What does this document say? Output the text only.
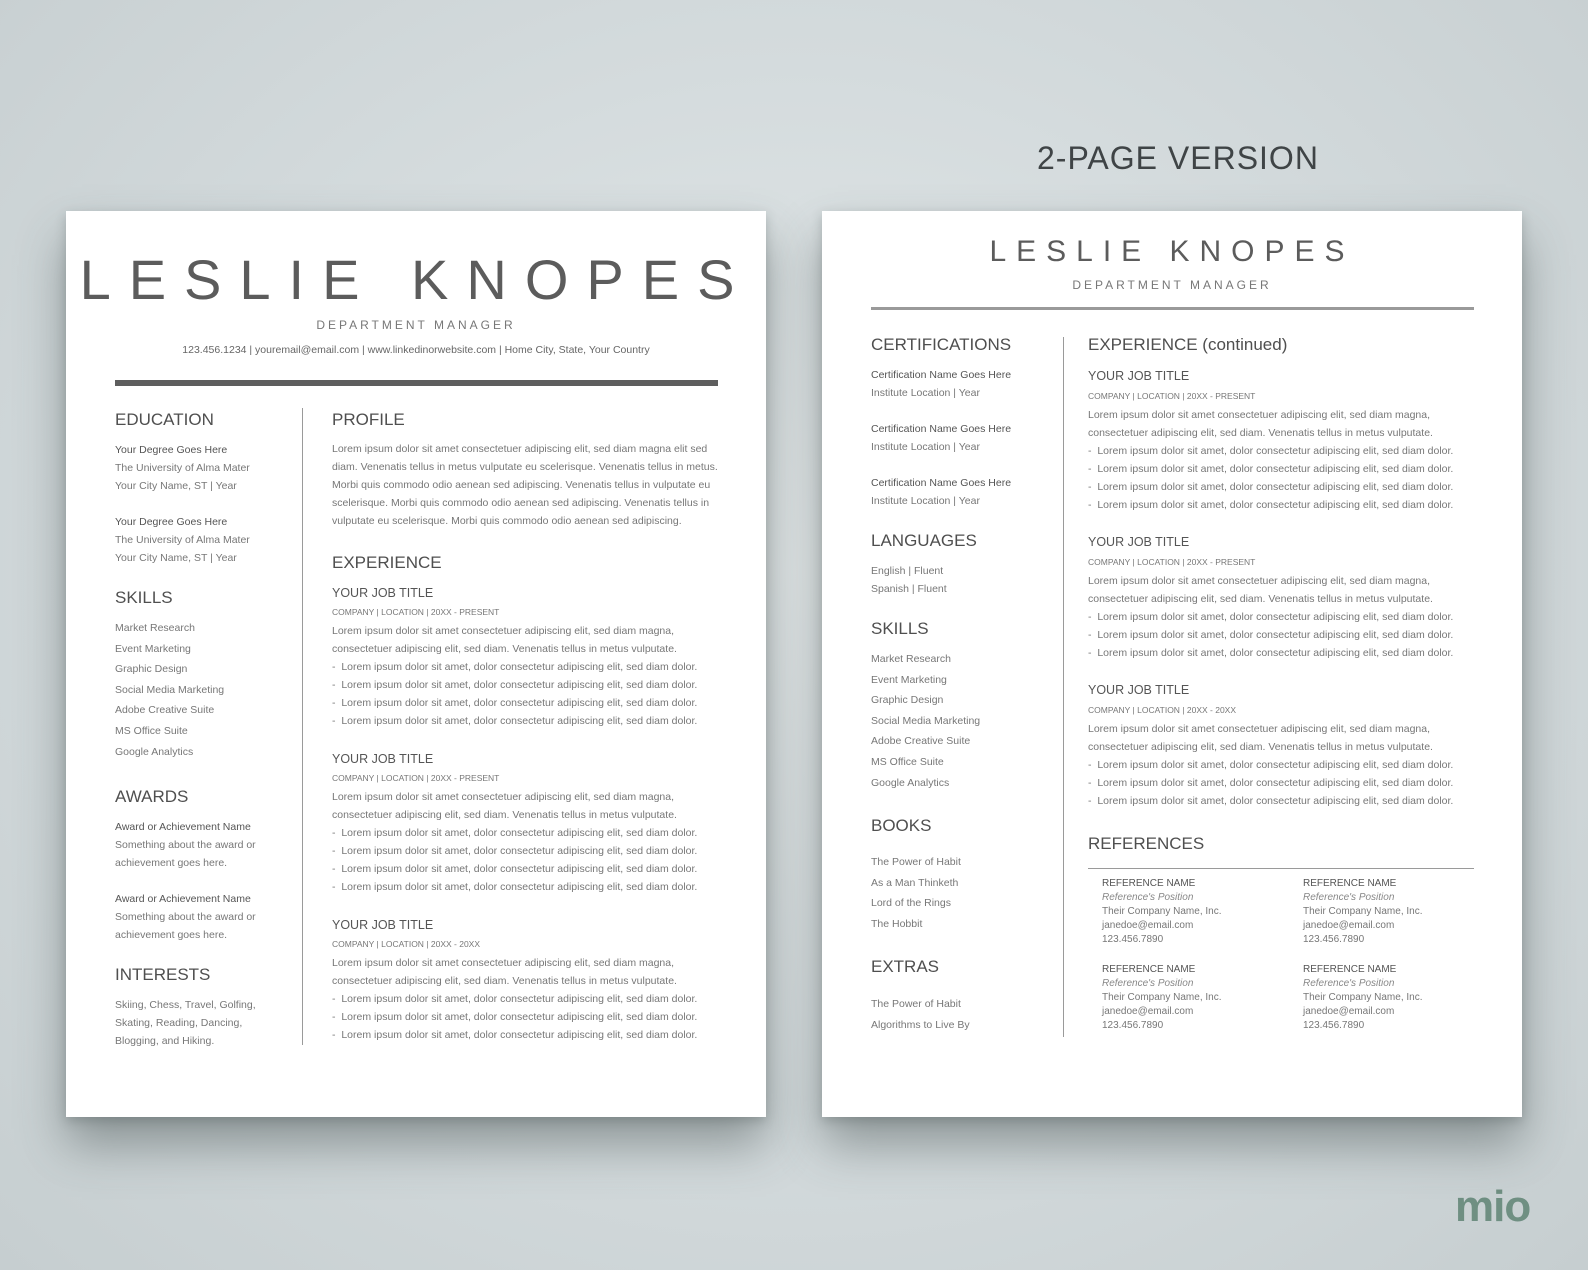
2-PAGE VERSION
mio
LESLIE KNOPES
DEPARTMENT MANAGER
123.456.1234 | youremail@email.com | www.linkedinorwebsite.com | Home City, State, Your Country
EDUCATION
Your Degree Goes Here
The University of Alma Mater
Your City Name, ST | Year
Your Degree Goes Here
The University of Alma Mater
Your City Name, ST | Year
SKILLS
Market Research
Event Marketing
Graphic Design
Social Media Marketing
Adobe Creative Suite
MS Office Suite
Google Analytics
AWARDS
Award or Achievement Name
Something about the award or
achievement goes here.
Award or Achievement Name
Something about the award or
achievement goes here.
INTERESTS
Skiing, Chess, Travel, Golfing,
Skating, Reading, Dancing,
Blogging, and Hiking.
PROFILE
Lorem ipsum dolor sit amet consectetuer adipiscing elit, sed diam magna elit sed diam. Venenatis tellus in metus vulputate eu scelerisque. Venenatis tellus in metus. Morbi quis commodo odio aenean sed adipiscing. Venenatis tellus in vulputate eu scelerisque. Morbi quis commodo odio aenean sed adipiscing. Venenatis tellus in vulputate eu scelerisque. Morbi quis commodo odio aenean sed adipiscing.
EXPERIENCE
YOUR JOB TITLE
COMPANY | LOCATION | 20XX - PRESENT
Lorem ipsum dolor sit amet consectetuer adipiscing elit, sed diam magna,
consectetuer adipiscing elit, sed diam. Venenatis tellus in metus vulputate.
-  Lorem ipsum dolor sit amet, dolor consectetur adipiscing elit, sed diam dolor.
-  Lorem ipsum dolor sit amet, dolor consectetur adipiscing elit, sed diam dolor.
-  Lorem ipsum dolor sit amet, dolor consectetur adipiscing elit, sed diam dolor.
-  Lorem ipsum dolor sit amet, dolor consectetur adipiscing elit, sed diam dolor.
YOUR JOB TITLE
COMPANY | LOCATION | 20XX - PRESENT
Lorem ipsum dolor sit amet consectetuer adipiscing elit, sed diam magna,
consectetuer adipiscing elit, sed diam. Venenatis tellus in metus vulputate.
-  Lorem ipsum dolor sit amet, dolor consectetur adipiscing elit, sed diam dolor.
-  Lorem ipsum dolor sit amet, dolor consectetur adipiscing elit, sed diam dolor.
-  Lorem ipsum dolor sit amet, dolor consectetur adipiscing elit, sed diam dolor.
-  Lorem ipsum dolor sit amet, dolor consectetur adipiscing elit, sed diam dolor.
YOUR JOB TITLE
COMPANY | LOCATION | 20XX - 20XX
Lorem ipsum dolor sit amet consectetuer adipiscing elit, sed diam magna,
consectetuer adipiscing elit, sed diam. Venenatis tellus in metus vulputate.
-  Lorem ipsum dolor sit amet, dolor consectetur adipiscing elit, sed diam dolor.
-  Lorem ipsum dolor sit amet, dolor consectetur adipiscing elit, sed diam dolor.
-  Lorem ipsum dolor sit amet, dolor consectetur adipiscing elit, sed diam dolor.
LESLIE KNOPES
DEPARTMENT MANAGER
CERTIFICATIONS
Certification Name Goes Here
Institute Location | Year
Certification Name Goes Here
Institute Location | Year
Certification Name Goes Here
Institute Location | Year
LANGUAGES
English | Fluent
Spanish | Fluent
SKILLS
Market Research
Event Marketing
Graphic Design
Social Media Marketing
Adobe Creative Suite
MS Office Suite
Google Analytics
BOOKS
The Power of Habit
As a Man Thinketh
Lord of the Rings
The Hobbit
EXTRAS
The Power of Habit
Algorithms to Live By
EXPERIENCE (continued)
YOUR JOB TITLE
COMPANY | LOCATION | 20XX - PRESENT
Lorem ipsum dolor sit amet consectetuer adipiscing elit, sed diam magna,
consectetuer adipiscing elit, sed diam. Venenatis tellus in metus vulputate.
-  Lorem ipsum dolor sit amet, dolor consectetur adipiscing elit, sed diam dolor.
-  Lorem ipsum dolor sit amet, dolor consectetur adipiscing elit, sed diam dolor.
-  Lorem ipsum dolor sit amet, dolor consectetur adipiscing elit, sed diam dolor.
-  Lorem ipsum dolor sit amet, dolor consectetur adipiscing elit, sed diam dolor.
YOUR JOB TITLE
COMPANY | LOCATION | 20XX - PRESENT
Lorem ipsum dolor sit amet consectetuer adipiscing elit, sed diam magna,
consectetuer adipiscing elit, sed diam. Venenatis tellus in metus vulputate.
-  Lorem ipsum dolor sit amet, dolor consectetur adipiscing elit, sed diam dolor.
-  Lorem ipsum dolor sit amet, dolor consectetur adipiscing elit, sed diam dolor.
-  Lorem ipsum dolor sit amet, dolor consectetur adipiscing elit, sed diam dolor.
YOUR JOB TITLE
COMPANY | LOCATION | 20XX - 20XX
Lorem ipsum dolor sit amet consectetuer adipiscing elit, sed diam magna,
consectetuer adipiscing elit, sed diam. Venenatis tellus in metus vulputate.
-  Lorem ipsum dolor sit amet, dolor consectetur adipiscing elit, sed diam dolor.
-  Lorem ipsum dolor sit amet, dolor consectetur adipiscing elit, sed diam dolor.
-  Lorem ipsum dolor sit amet, dolor consectetur adipiscing elit, sed diam dolor.
REFERENCES
REFERENCE NAME
Reference's Position
Their Company Name, Inc.
janedoe@email.com
123.456.7890
REFERENCE NAME
Reference's Position
Their Company Name, Inc.
janedoe@email.com
123.456.7890
REFERENCE NAME
Reference's Position
Their Company Name, Inc.
janedoe@email.com
123.456.7890
REFERENCE NAME
Reference's Position
Their Company Name, Inc.
janedoe@email.com
123.456.7890
